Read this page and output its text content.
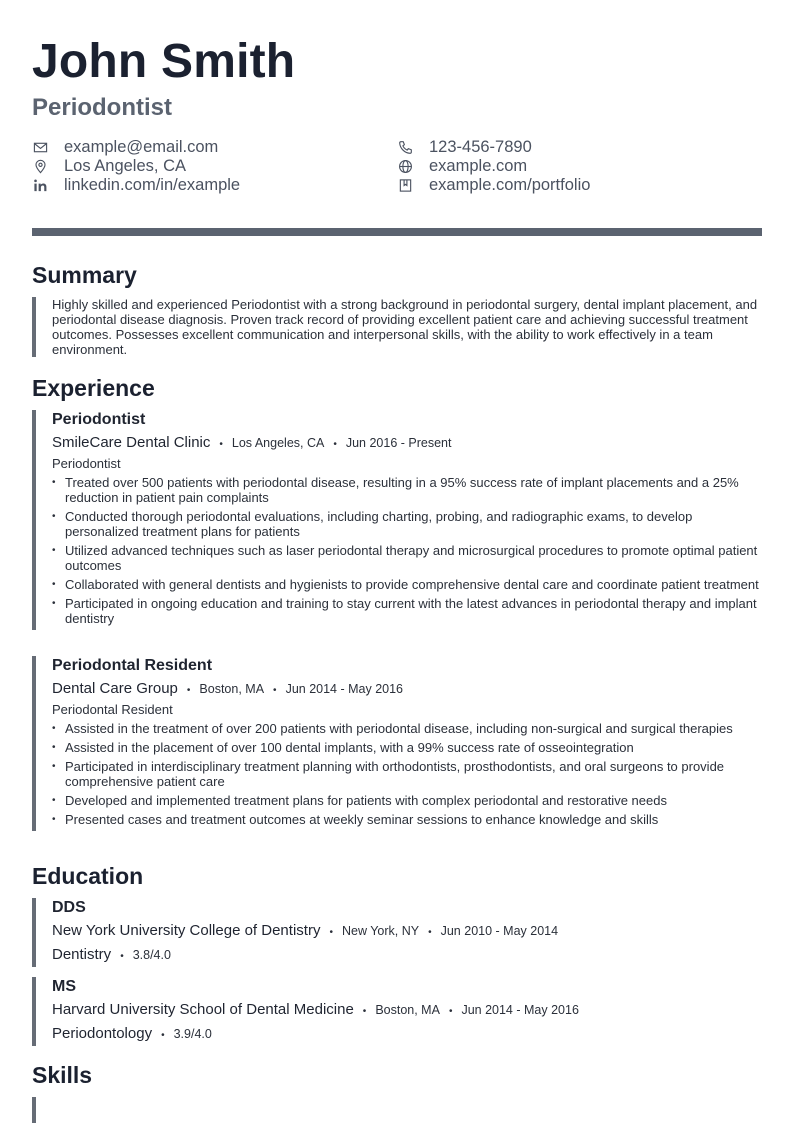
John Smith
Periodontist
example@email.com
Los Angeles, CA
linkedin.com/in/example
123-456-7890
example.com
example.com/portfolio
Summary

Highly skilled and experienced Periodontist with a strong background in periodontal surgery, dental implant placement, and periodontal disease diagnosis. Proven track record of providing excellent patient care and achieving successful treatment outcomes. Possesses excellent communication and interpersonal skills, with the ability to work effectively in a team environment.

Experience
Periodontist
SmileCare Dental Clinic • Los Angeles, CA • Jun 2016 - Present
Periodontist
• Treated over 500 patients with periodontal disease, resulting in a 95% success rate of implant placements and a 25% reduction in patient pain complaints
• Conducted thorough periodontal evaluations, including charting, probing, and radiographic exams, to develop personalized treatment plans for patients
• Utilized advanced techniques such as laser periodontal therapy and microsurgical procedures to promote optimal patient outcomes
• Collaborated with general dentists and hygienists to provide comprehensive dental care and coordinate patient treatment
• Participated in ongoing education and training to stay current with the latest advances in periodontal therapy and implant dentistry
Periodontal Resident
Dental Care Group • Boston, MA • Jun 2014 - May 2016
Periodontal Resident
• Assisted in the treatment of over 200 patients with periodontal disease, including non-surgical and surgical therapies
• Assisted in the placement of over 100 dental implants, with a 99% success rate of osseointegration
• Participated in interdisciplinary treatment planning with orthodontists, prosthodontists, and oral surgeons to provide comprehensive patient care
• Developed and implemented treatment plans for patients with complex periodontal and restorative needs
• Presented cases and treatment outcomes at weekly seminar sessions to enhance knowledge and skills
Education
DDS
New York University College of Dentistry • New York, NY • Jun 2010 - May 2014
Dentistry • 3.8/4.0
MS
Harvard University School of Dental Medicine • Boston, MA • Jun 2014 - May 2016
Periodontology • 3.9/4.0
Skills
